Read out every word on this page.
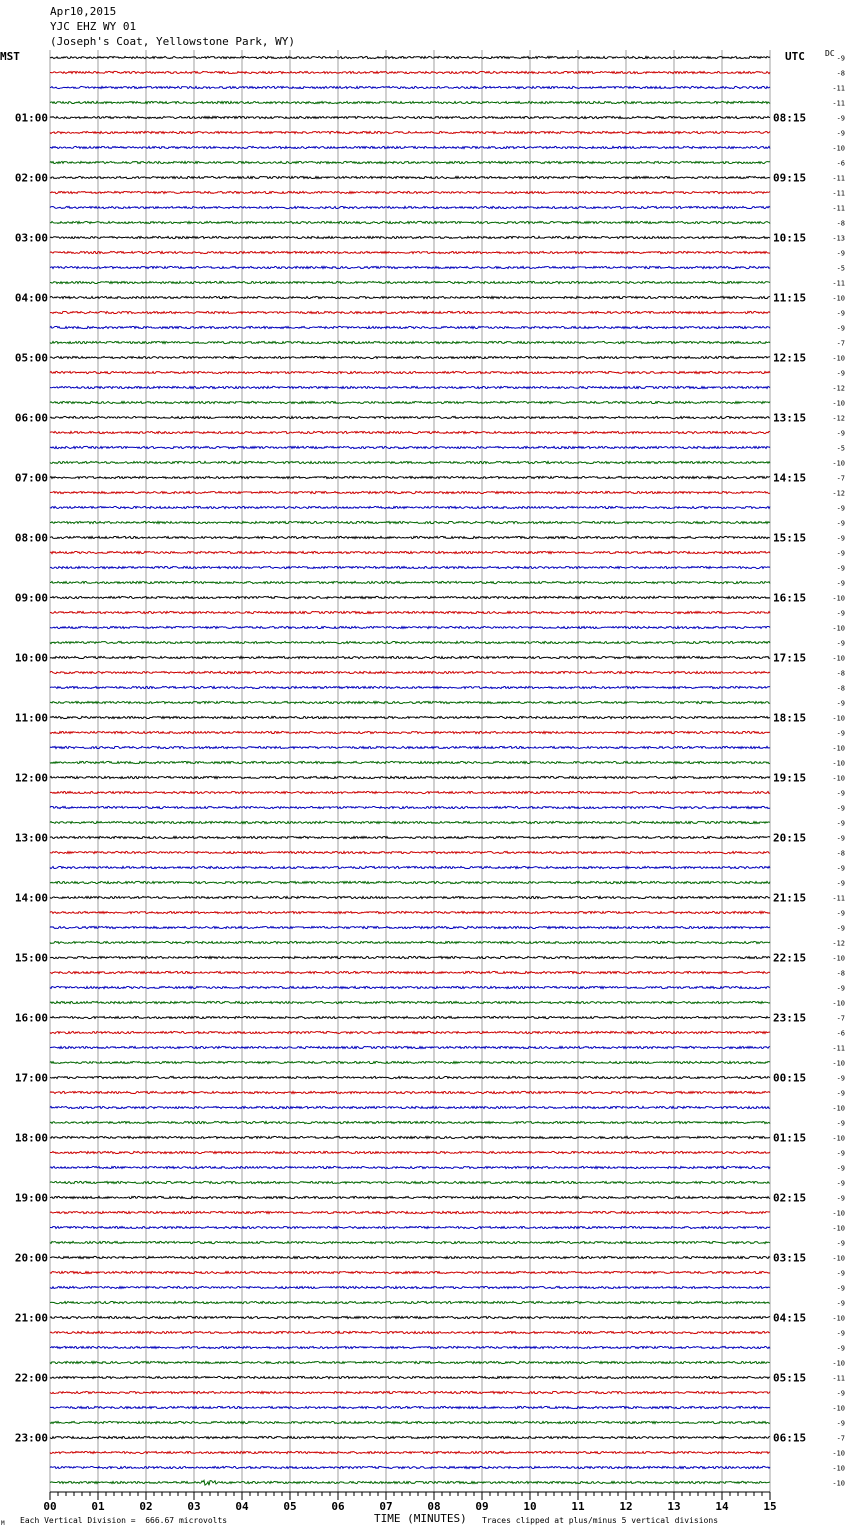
Apr10,2015
YJC EHZ WY 01
(Joseph's Coat, Yellowstone Park, WY)
MST	UTC	DC
-9
-8
-11
-11
-9
01:00	08:15
-9
-10
-6
-11
02:00	09:15
-11
-11
-8
-13
03:00	10:15
-9
-5
-11
-10
04:00	11:15
-9
-9
-7
-10
05:00	12:15
-9
-12
-10
-12
06:00	13:15
-9
-5
-10
-7
07:00	14:15
-12
-9
-9
-9
08:00	15:15
-9
-9
-9
-10
09:00	16:15
-9
-10
-9
-10
10:00	17:15
-8
-8
-9
-10
11:00	18:15
-9
-10
-10
-10
12:00	19:15
-9
-9
-9
-9
13:00	20:15
-8
-9
-9
-11
14:00	21:15
-9
-9
-12
-10
15:00	22:15
-8
-9
-10
-7
16:00	23:15
-6
-11
-10
-9
17:00	00:15
-9
-10
-9
-10
18:00	01:15
-9
-9
-9
-9
19:00	02:15
-10
-10
-9
-10
20:00	03:15
-9
-9
-9
-10
21:00	04:15
-9
-9
-10
-11
22:00	05:15
-9
-10
-9
-7
23:00	06:15
-10
-10
-10
00	01	02	03	04	05	06	07	08	09	10	11	12	13	14	15
TIME (MINUTES)
Each Vertical Division =  666.67 microvolts	Traces clipped at plus/minus 5 vertical divisions
M
